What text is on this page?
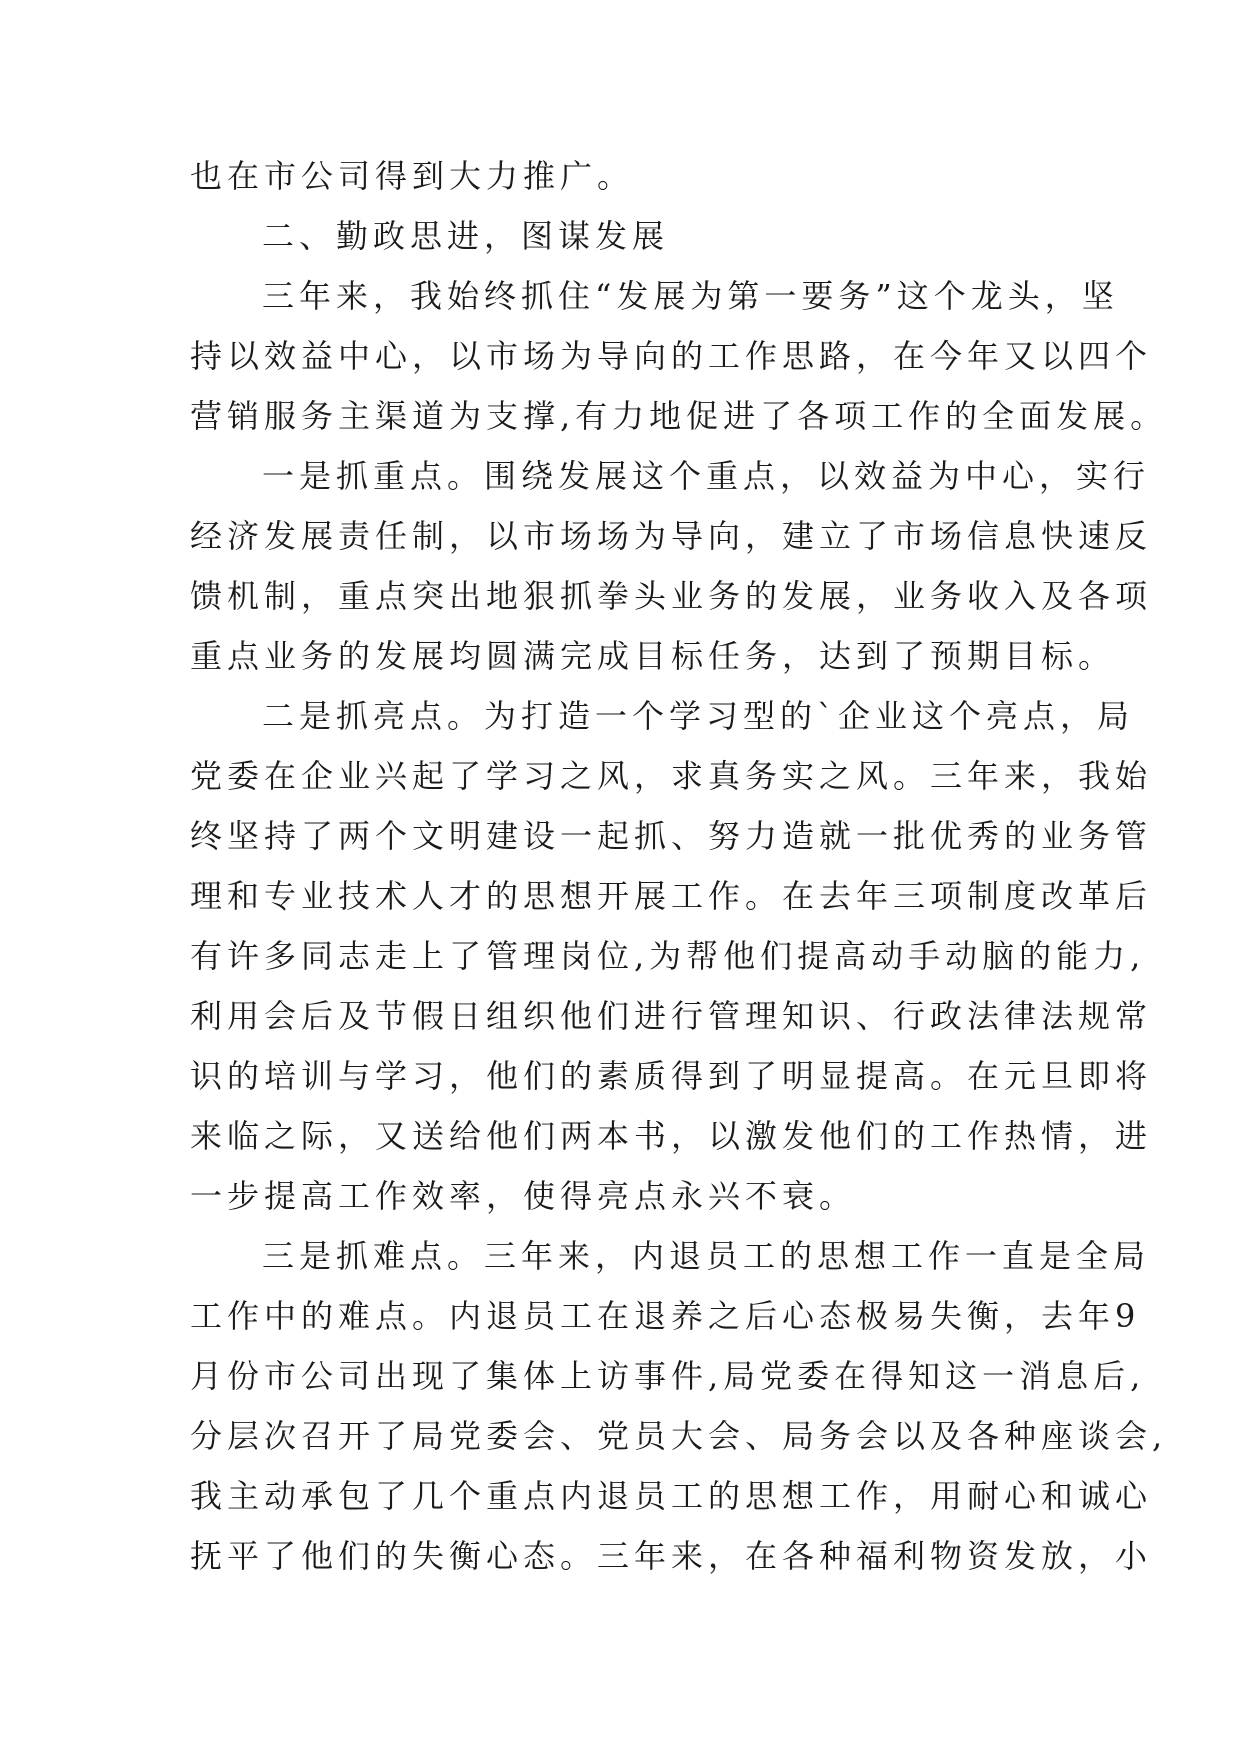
也在市公司得到大力推广。
二、勤政思进，图谋发展
三年来，我始终抓住“发展为第一要务”这个龙头，坚
持以效益中心，以市场为导向的工作思路，在今年又以四个
营销服务主渠道为支撑,有力地促进了各项工作的全面发展。
一是抓重点。围绕发展这个重点，以效益为中心，实行
经济发展责任制，以市场场为导向，建立了市场信息快速反
馈机制，重点突出地狠抓拳头业务的发展，业务收入及各项
重点业务的发展均圆满完成目标任务，达到了预期目标。
二是抓亮点。为打造一个学习型的`企业这个亮点，局
党委在企业兴起了学习之风，求真务实之风。三年来，我始
终坚持了两个文明建设一起抓、努力造就一批优秀的业务管
理和专业技术人才的思想开展工作。在去年三项制度改革后
有许多同志走上了管理岗位,为帮他们提高动手动脑的能力,
利用会后及节假日组织他们进行管理知识、行政法律法规常
识的培训与学习，他们的素质得到了明显提高。在元旦即将
来临之际，又送给他们两本书，以激发他们的工作热情，进
一步提高工作效率，使得亮点永兴不衰。
三是抓难点。三年来，内退员工的思想工作一直是全局
工作中的难点。内退员工在退养之后心态极易失衡，去年9
月份市公司出现了集体上访事件,局党委在得知这一消息后,
分层次召开了局党委会、党员大会、局务会以及各种座谈会,
我主动承包了几个重点内退员工的思想工作，用耐心和诚心
抚平了他们的失衡心态。三年来，在各种福利物资发放，小
